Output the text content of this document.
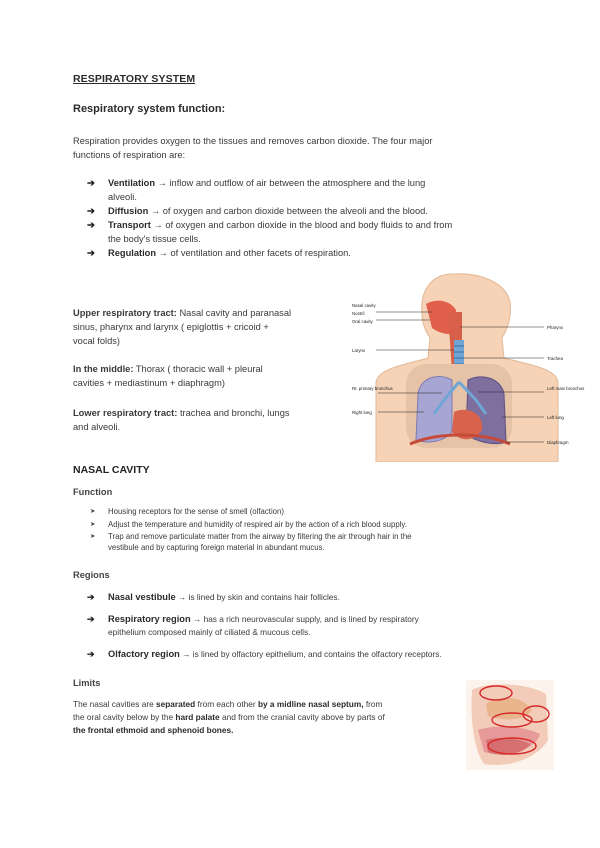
RESPIRATORY SYSTEM
Respiratory system function:
Respiration provides oxygen to the tissues and removes carbon dioxide. The four major
functions of respiration are:
➔ Ventilation → inflow and outflow of air between the atmosphere and the lung
alveoli.
➔ Diffusion → of oxygen and carbon dioxide between the alveoli and the blood.
➔ Transport → of oxygen and carbon dioxide in the blood and body fluids to and from
the body's tissue cells.
➔ Regulation → of ventilation and other facets of respiration.
Upper respiratory tract: Nasal cavity and paranasal
sinus, pharynx and larynx ( epiglottis + cricoid +
vocal folds)
In the middle: Thorax ( thoracic wall + pleural
cavities + mediastinum + diaphragm)
Lower respiratory tract: trachea and bronchi, lungs
and alveoli.
Nasal cavity
Nostril
Oral cavity
Larynx
Rt. primary bronchus
Right lung
Pharynx
Trachea
Left main bronchus
Left lung
Diaphragm
NASAL CAVITY
Function
➤ Housing receptors for the sense of smell (olfaction)
➤ Adjust the temperature and humidity of respired air by the action of a rich blood supply.
➤ Trap and remove particulate matter from the airway by filtering the air through hair in the
vestibule and by capturing foreign material in abundant mucus.
Regions
➔ Nasal vestibule → is lined by skin and contains hair follicles.
➔ Respiratory region → has a rich neurovascular supply, and is lined by respiratory
epithelium composed mainly of ciliated & mucous cells.
➔ Olfactory region → is lined by olfactory epithelium, and contains the olfactory receptors.
Limits
The nasal cavities are separated from each other by a midline nasal septum, from
the oral cavity below by the hard palate and from the cranial cavity above by parts of
the frontal ethmoid and sphenoid bones.
